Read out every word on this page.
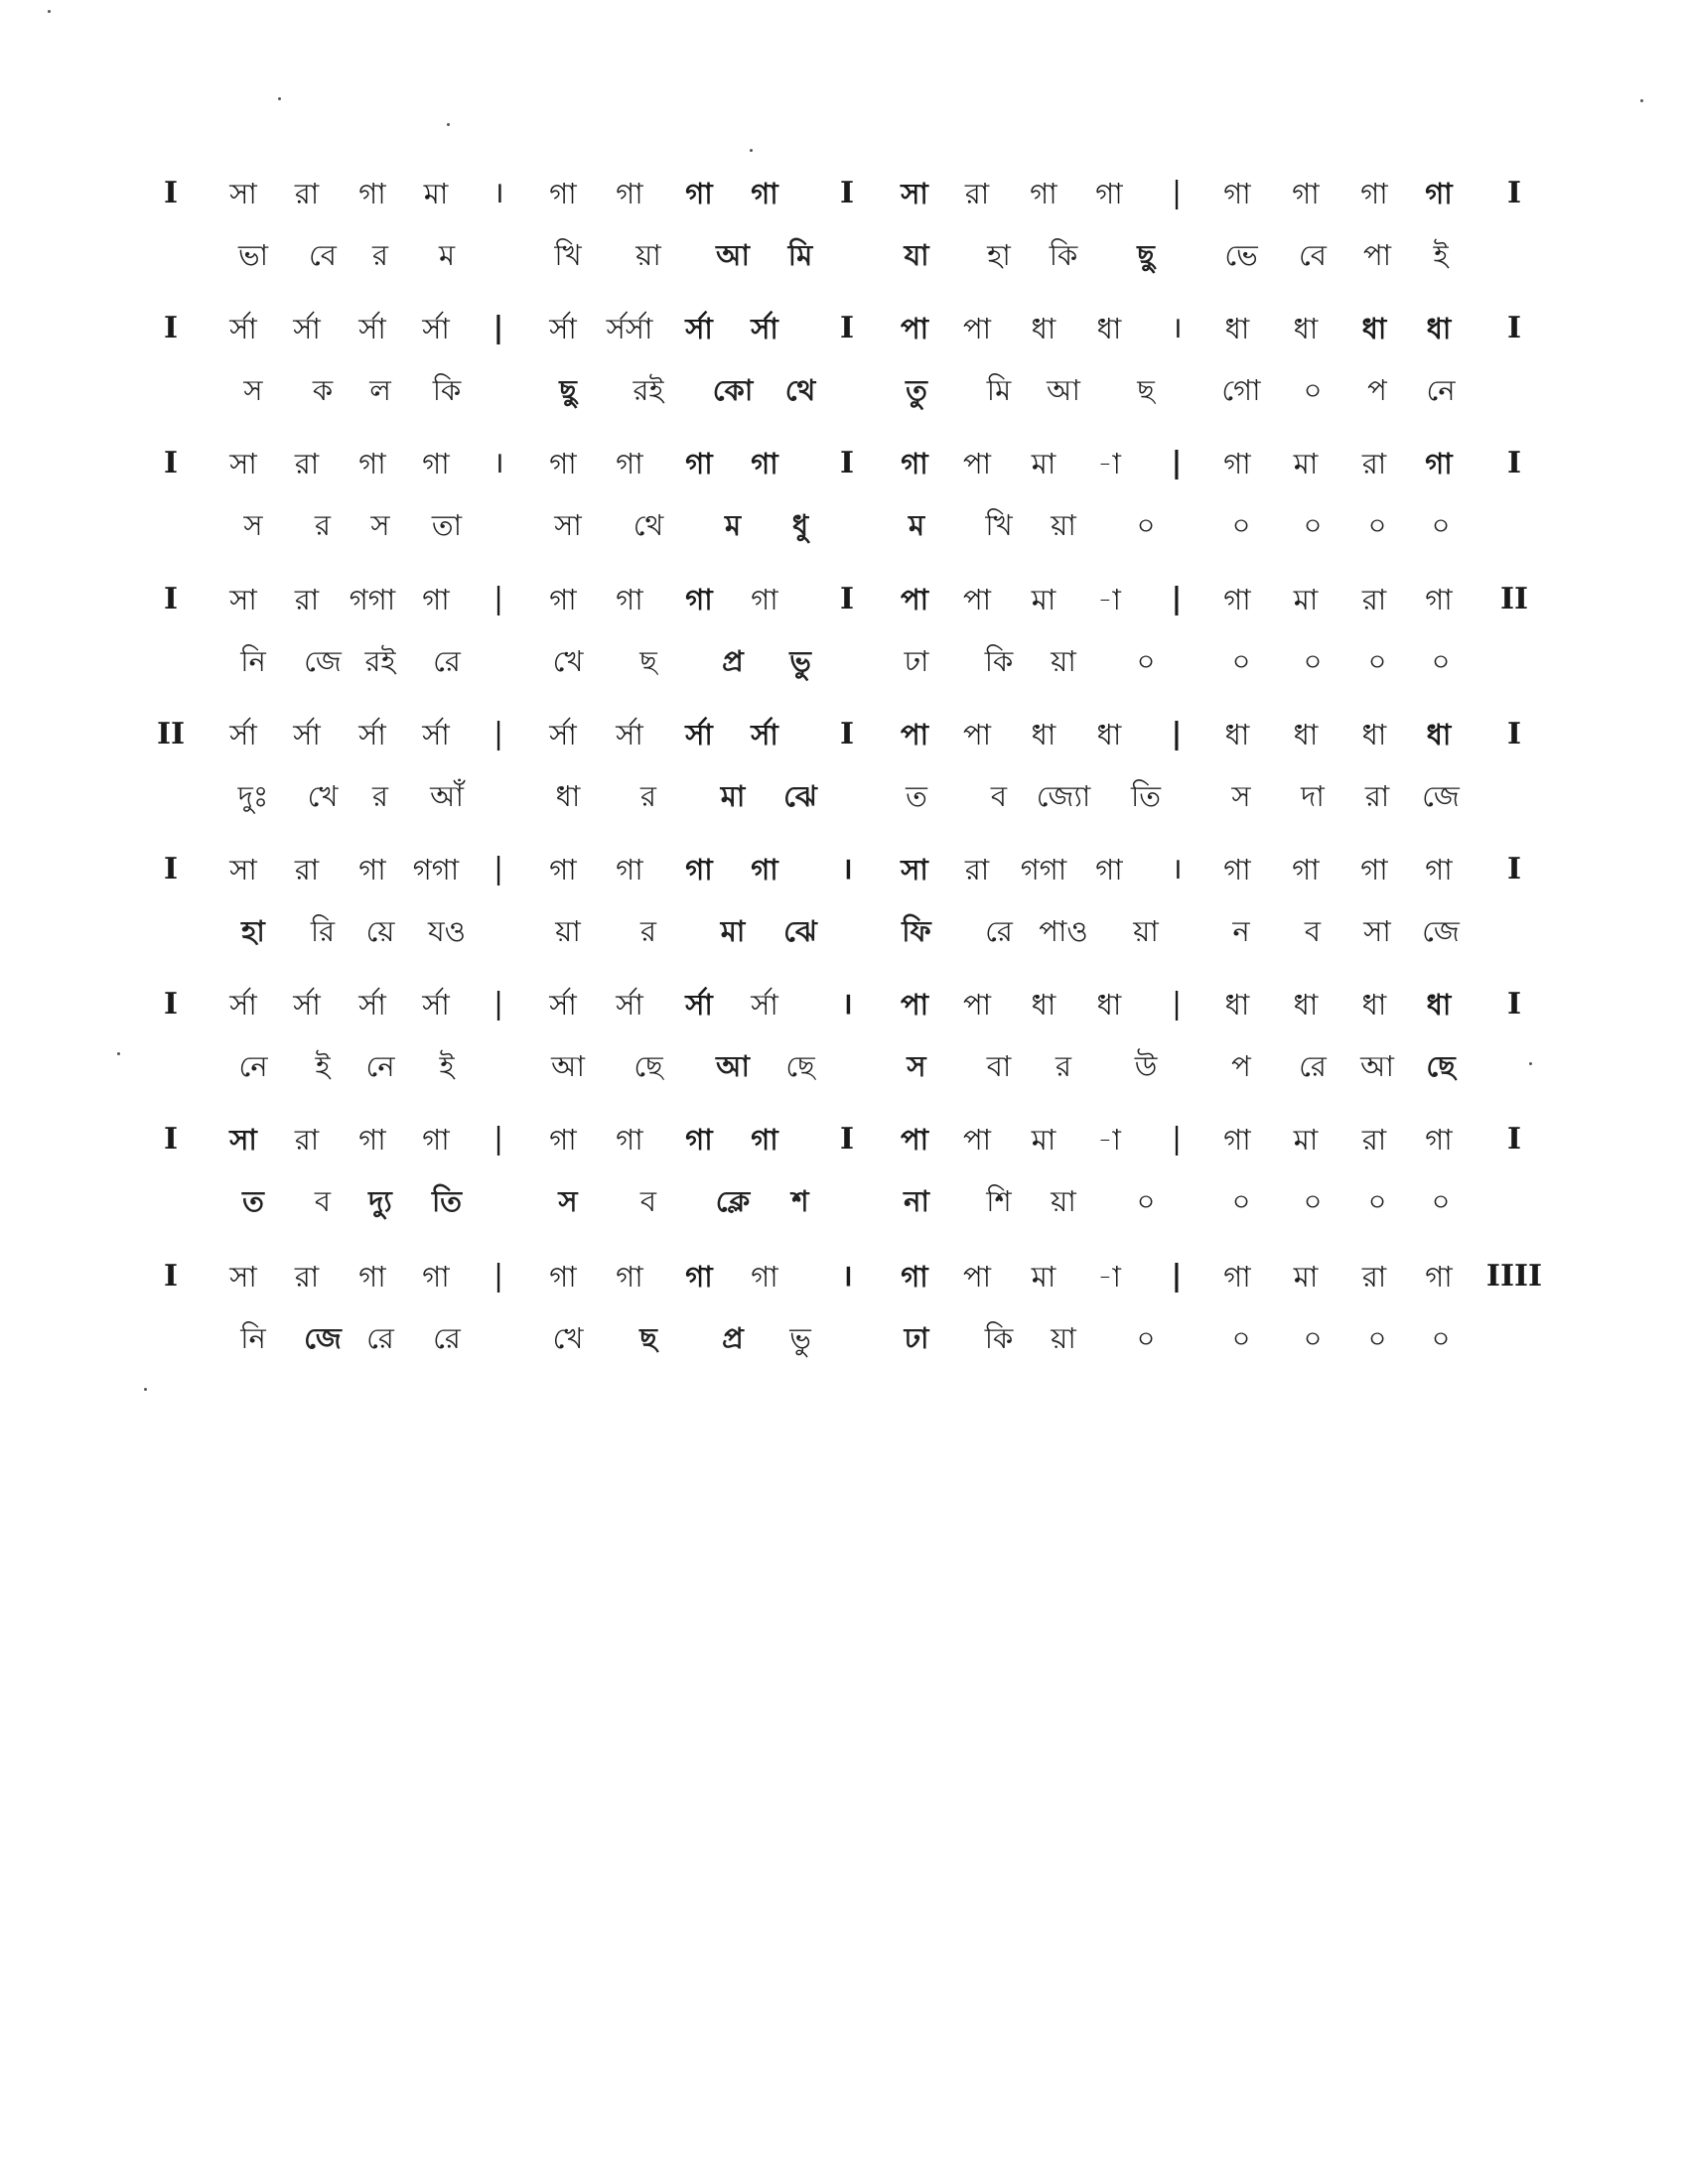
I সা রা গা মা । গা গা গা গা I সা রা গা গা | গা গা গা গা I
ভা বে র ম	খি য়া আ মি	যা হা কি ছু ভে বে পা ই
I র্সা র্সা র্সা র্সা | র্সা র্সর্সা র্সা র্সা I পা পা ধা ধা । ধা ধা ধা ধা I
স ক ল কি	ছু রই কো থে	তু মি আ ছ গো ০ প নে
I সা রা গা গা । গা গা গা গা I গা পা মা -া | গা মা রা গা I
স র স তা	সা থে ম ধু	ম খি য়া ০	০ ০ ০ ০
I সা রা গগা গা | গা গা গা গা I পা পা মা -া | গা মা রা গা II
নি জে রই রে	খে ছ প্র ভু	ঢা কি য়া ০	০ ০ ০ ০
II র্সা র্সা র্সা র্সা | র্সা র্সা র্সা র্সা I পা পা ধা ধা | ধা ধা ধা ধা I
দুঃ খে র আঁ	ধা র মা ঝে	ত ব জ্যো তি স দা রা জে
I সা রা গা গগা | গা গা গা গা । সা রা গগা গা । গা গা গা গা I
হা রি য়ে যও	য়া র মা ঝে	ফি রে পাও য়া	ন ব সা জে
I র্সা র্সা র্সা র্সা | র্সা র্সা র্সা র্সা । পা পা ধা ধা | ধা ধা ধা ধা I
নে ই নে ই	আ ছে আ ছে	স বা র উ	প রে আ ছে
I সা রা গা গা | গা গা গা গা I পা পা মা -া | গা মা রা গা I
ত ব দ্যু তি	স ব ক্লে শ	না শি য়া ০	০ ০ ০ ০
I সা রা গা গা | গা গা গা গা । গা পা মা -া | গা মা রা গা IIII
নি জে রে রে	খে ছ প্র ভু	ঢা কি য়া ০	০ ০ ০ ০
